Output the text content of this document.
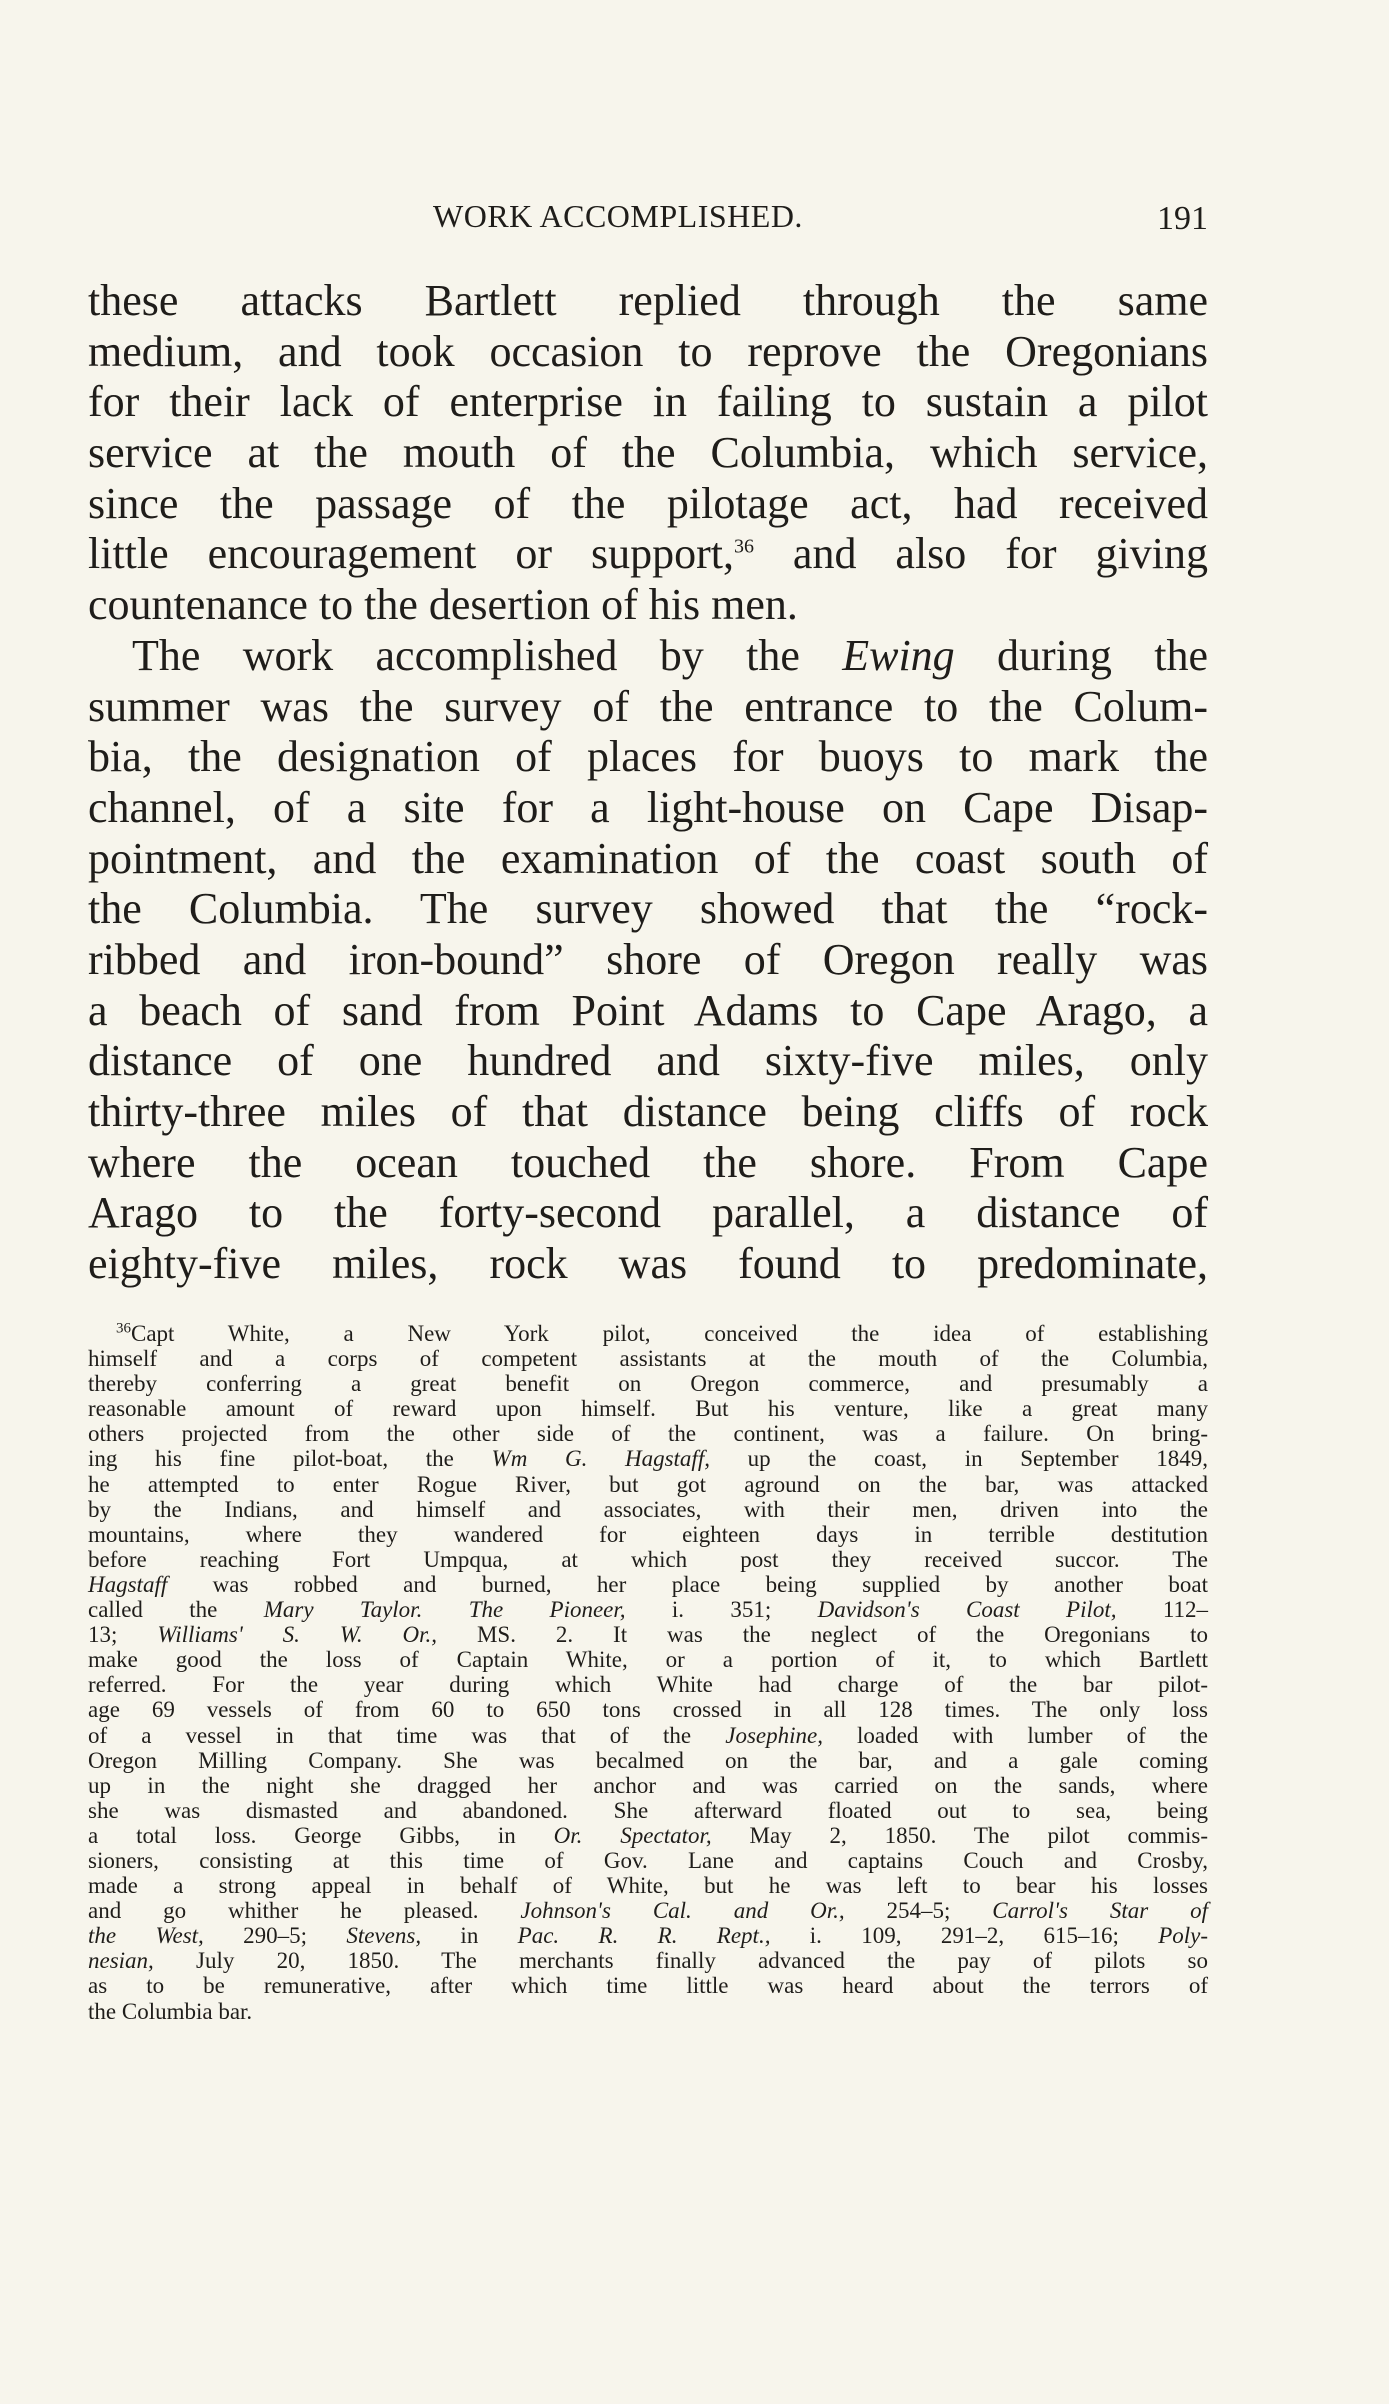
WORK ACCOMPLISHED.	191
these attacks Bartlett replied through the same
medium, and took occasion to reprove the Oregonians
for their lack of enterprise in failing to sustain a pilot
service at the mouth of the Columbia, which service,
since the passage of the pilotage act, had received
little encouragement or support,$^{36}$ and also for giving
countenance to the desertion of his men.
The work accomplished by the Ewing during the
summer was the survey of the entrance to the Colum-
bia, the designation of places for buoys to mark the
channel, of a site for a light-house on Cape Disap-
pointment, and the examination of the coast south of
the Columbia. The survey showed that the “rock-
ribbed and iron-bound” shore of Oregon really was
a beach of sand from Point Adams to Cape Arago, a
distance of one hundred and sixty-five miles, only
thirty-three miles of that distance being cliffs of rock
where the ocean touched the shore. From Cape
Arago to the forty-second parallel, a distance of
eighty-five miles, rock was found to predominate,
$^{36}$Capt White, a New York pilot, conceived the idea of establishing
himself and a corps of competent assistants at the mouth of the Columbia,
thereby conferring a great benefit on Oregon commerce, and presumably a
reasonable amount of reward upon himself. But his venture, like a great many
others projected from the other side of the continent, was a failure. On bring-
ing his fine pilot-boat, the Wm G. Hagstaff, up the coast, in September 1849,
he attempted to enter Rogue River, but got aground on the bar, was attacked
by the Indians, and himself and associates, with their men, driven into the
mountains, where they wandered for eighteen days in terrible destitution
before reaching Fort Umpqua, at which post they received succor. The
Hagstaff was robbed and burned, her place being supplied by another boat
called the Mary Taylor. The Pioneer, i. 351; Davidson's Coast Pilot, 112–
13; Williams' S. W. Or., MS. 2. It was the neglect of the Oregonians to
make good the loss of Captain White, or a portion of it, to which Bartlett
referred. For the year during which White had charge of the bar pilot-
age 69 vessels of from 60 to 650 tons crossed in all 128 times. The only loss
of a vessel in that time was that of the Josephine, loaded with lumber of the
Oregon Milling Company. She was becalmed on the bar, and a gale coming
up in the night she dragged her anchor and was carried on the sands, where
she was dismasted and abandoned. She afterward floated out to sea, being
a total loss. George Gibbs, in Or. Spectator, May 2, 1850. The pilot commis-
sioners, consisting at this time of Gov. Lane and captains Couch and Crosby,
made a strong appeal in behalf of White, but he was left to bear his losses
and go whither he pleased. Johnson's Cal. and Or., 254–5; Carrol's Star of
the West, 290–5; Stevens, in Pac. R. R. Rept., i. 109, 291–2, 615–16; Poly-
nesian, July 20, 1850. The merchants finally advanced the pay of pilots so
as to be remunerative, after which time little was heard about the terrors of
the Columbia bar.
